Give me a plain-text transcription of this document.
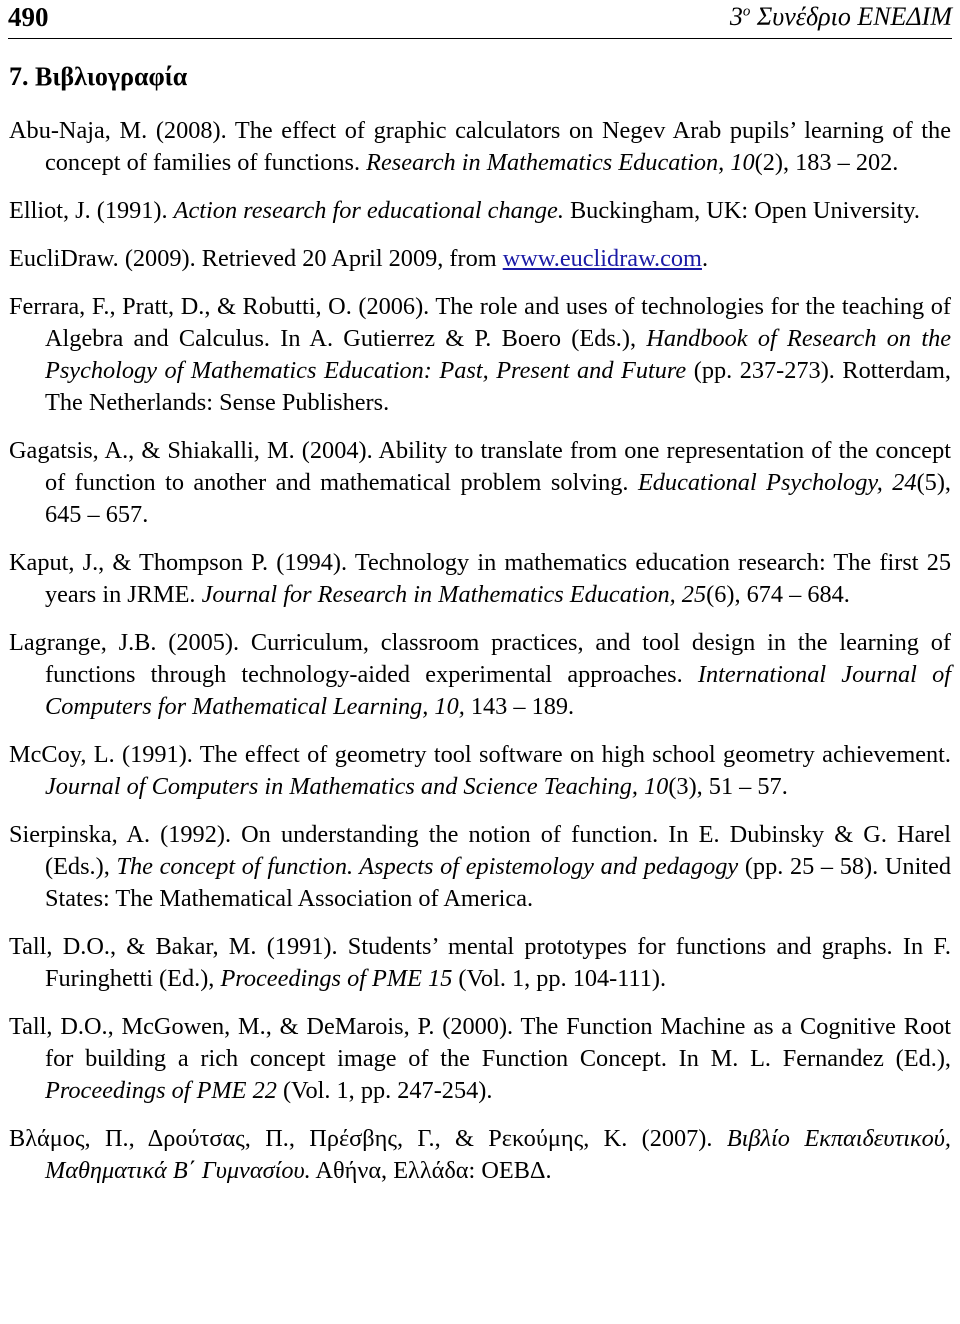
490	$3^o$ Συνέδριο ΕΝΕΔΙΜ
7. Βιβλιογραφία

Abu-Naja, M. (2008). The effect of graphic calculators on Negev Arab pupils’ learning of the concept of families of functions. Research in Mathematics Education, 10(2), 183 – 202.

Elliot, J. (1991). Action research for educational change. Buckingham, UK: Open University.

EucliDraw. (2009). Retrieved 20 April 2009, from www.euclidraw.com.

Ferrara, F., Pratt, D., & Robutti, O. (2006). The role and uses of technologies for the teaching of Algebra and Calculus. In A. Gutierrez & P. Boero (Eds.), Handbook of Research on the Psychology of Mathematics Education: Past, Present and Future (pp. 237-273). Rotterdam, The Netherlands: Sense Publishers.

Gagatsis, A., & Shiakalli, M. (2004). Ability to translate from one representation of the concept of function to another and mathematical problem solving. Educational Psychology, 24(5), 645 – 657.

Kaput, J., & Thompson P. (1994). Technology in mathematics education research: The first 25 years in JRME. Journal for Research in Mathematics Education, 25(6), 674 – 684.

Lagrange, J.B. (2005). Curriculum, classroom practices, and tool design in the learning of functions through technology-aided experimental approaches. International Journal of Computers for Mathematical Learning, 10, 143 – 189.

McCoy, L. (1991). The effect of geometry tool software on high school geometry achievement. Journal of Computers in Mathematics and Science Teaching, 10(3), 51 – 57.

Sierpinska, A. (1992). On understanding the notion of function. In E. Dubinsky & G. Harel (Eds.), The concept of function. Aspects of epistemology and pedagogy (pp. 25 – 58). United States: The Mathematical Association of America.

Tall, D.O., & Bakar, M. (1991). Students’ mental prototypes for functions and graphs. In F. Furinghetti (Ed.), Proceedings of PME 15 (Vol. 1, pp. 104-111).

Tall, D.O., McGowen, M., & DeMarois, P. (2000). The Function Machine as a Cognitive Root for building a rich concept image of the Function Concept. In M. L. Fernandez (Ed.), Proceedings of PME 22 (Vol. 1, pp. 247-254).

Βλάμος, Π., Δρούτσας, Π., Πρέσβης, Γ., & Ρεκούμης, Κ. (2007). Βιβλίο Εκπαιδευτικού, Μαθηματικά Β΄ Γυμνασίου. Αθήνα, Ελλάδα: ΟΕΒΔ.
